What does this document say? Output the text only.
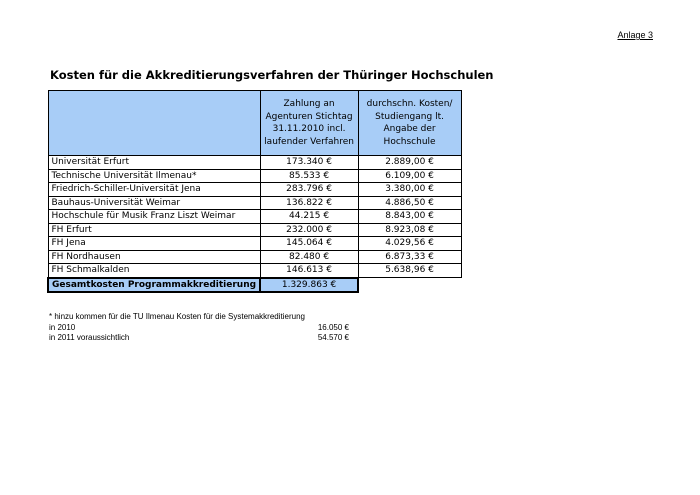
Anlage 3
Kosten für die Akkreditierungsverfahren der Thüringer Hochschulen
	Zahlung an Agenturen Stichtag 31.11.2010 incl. laufender Verfahren	durchschn. Kosten/ Studiengang lt. Angabe der Hochschule
Universität Erfurt	173.340 €	2.889,00 €
Technische Universität Ilmenau*	85.533 €	6.109,00 €
Friedrich-Schiller-Universität Jena	283.796 €	3.380,00 €
Bauhaus-Universität Weimar	136.822 €	4.886,50 €
Hochschule für Musik Franz Liszt Weimar	44.215 €	8.843,00 €
FH Erfurt	232.000 €	8.923,08 €
FH Jena	145.064 €	4.029,56 €
FH Nordhausen	82.480 €	6.873,33 €
FH Schmalkalden	146.613 €	5.638,96 €
Gesamtkosten Programmakkreditierung	1.329.863 €	
* hinzu kommen für die TU Ilmenau Kosten für die Systemakkreditierung
in 2010	16.050 €
in 2011 voraussichtlich	54.570 €
